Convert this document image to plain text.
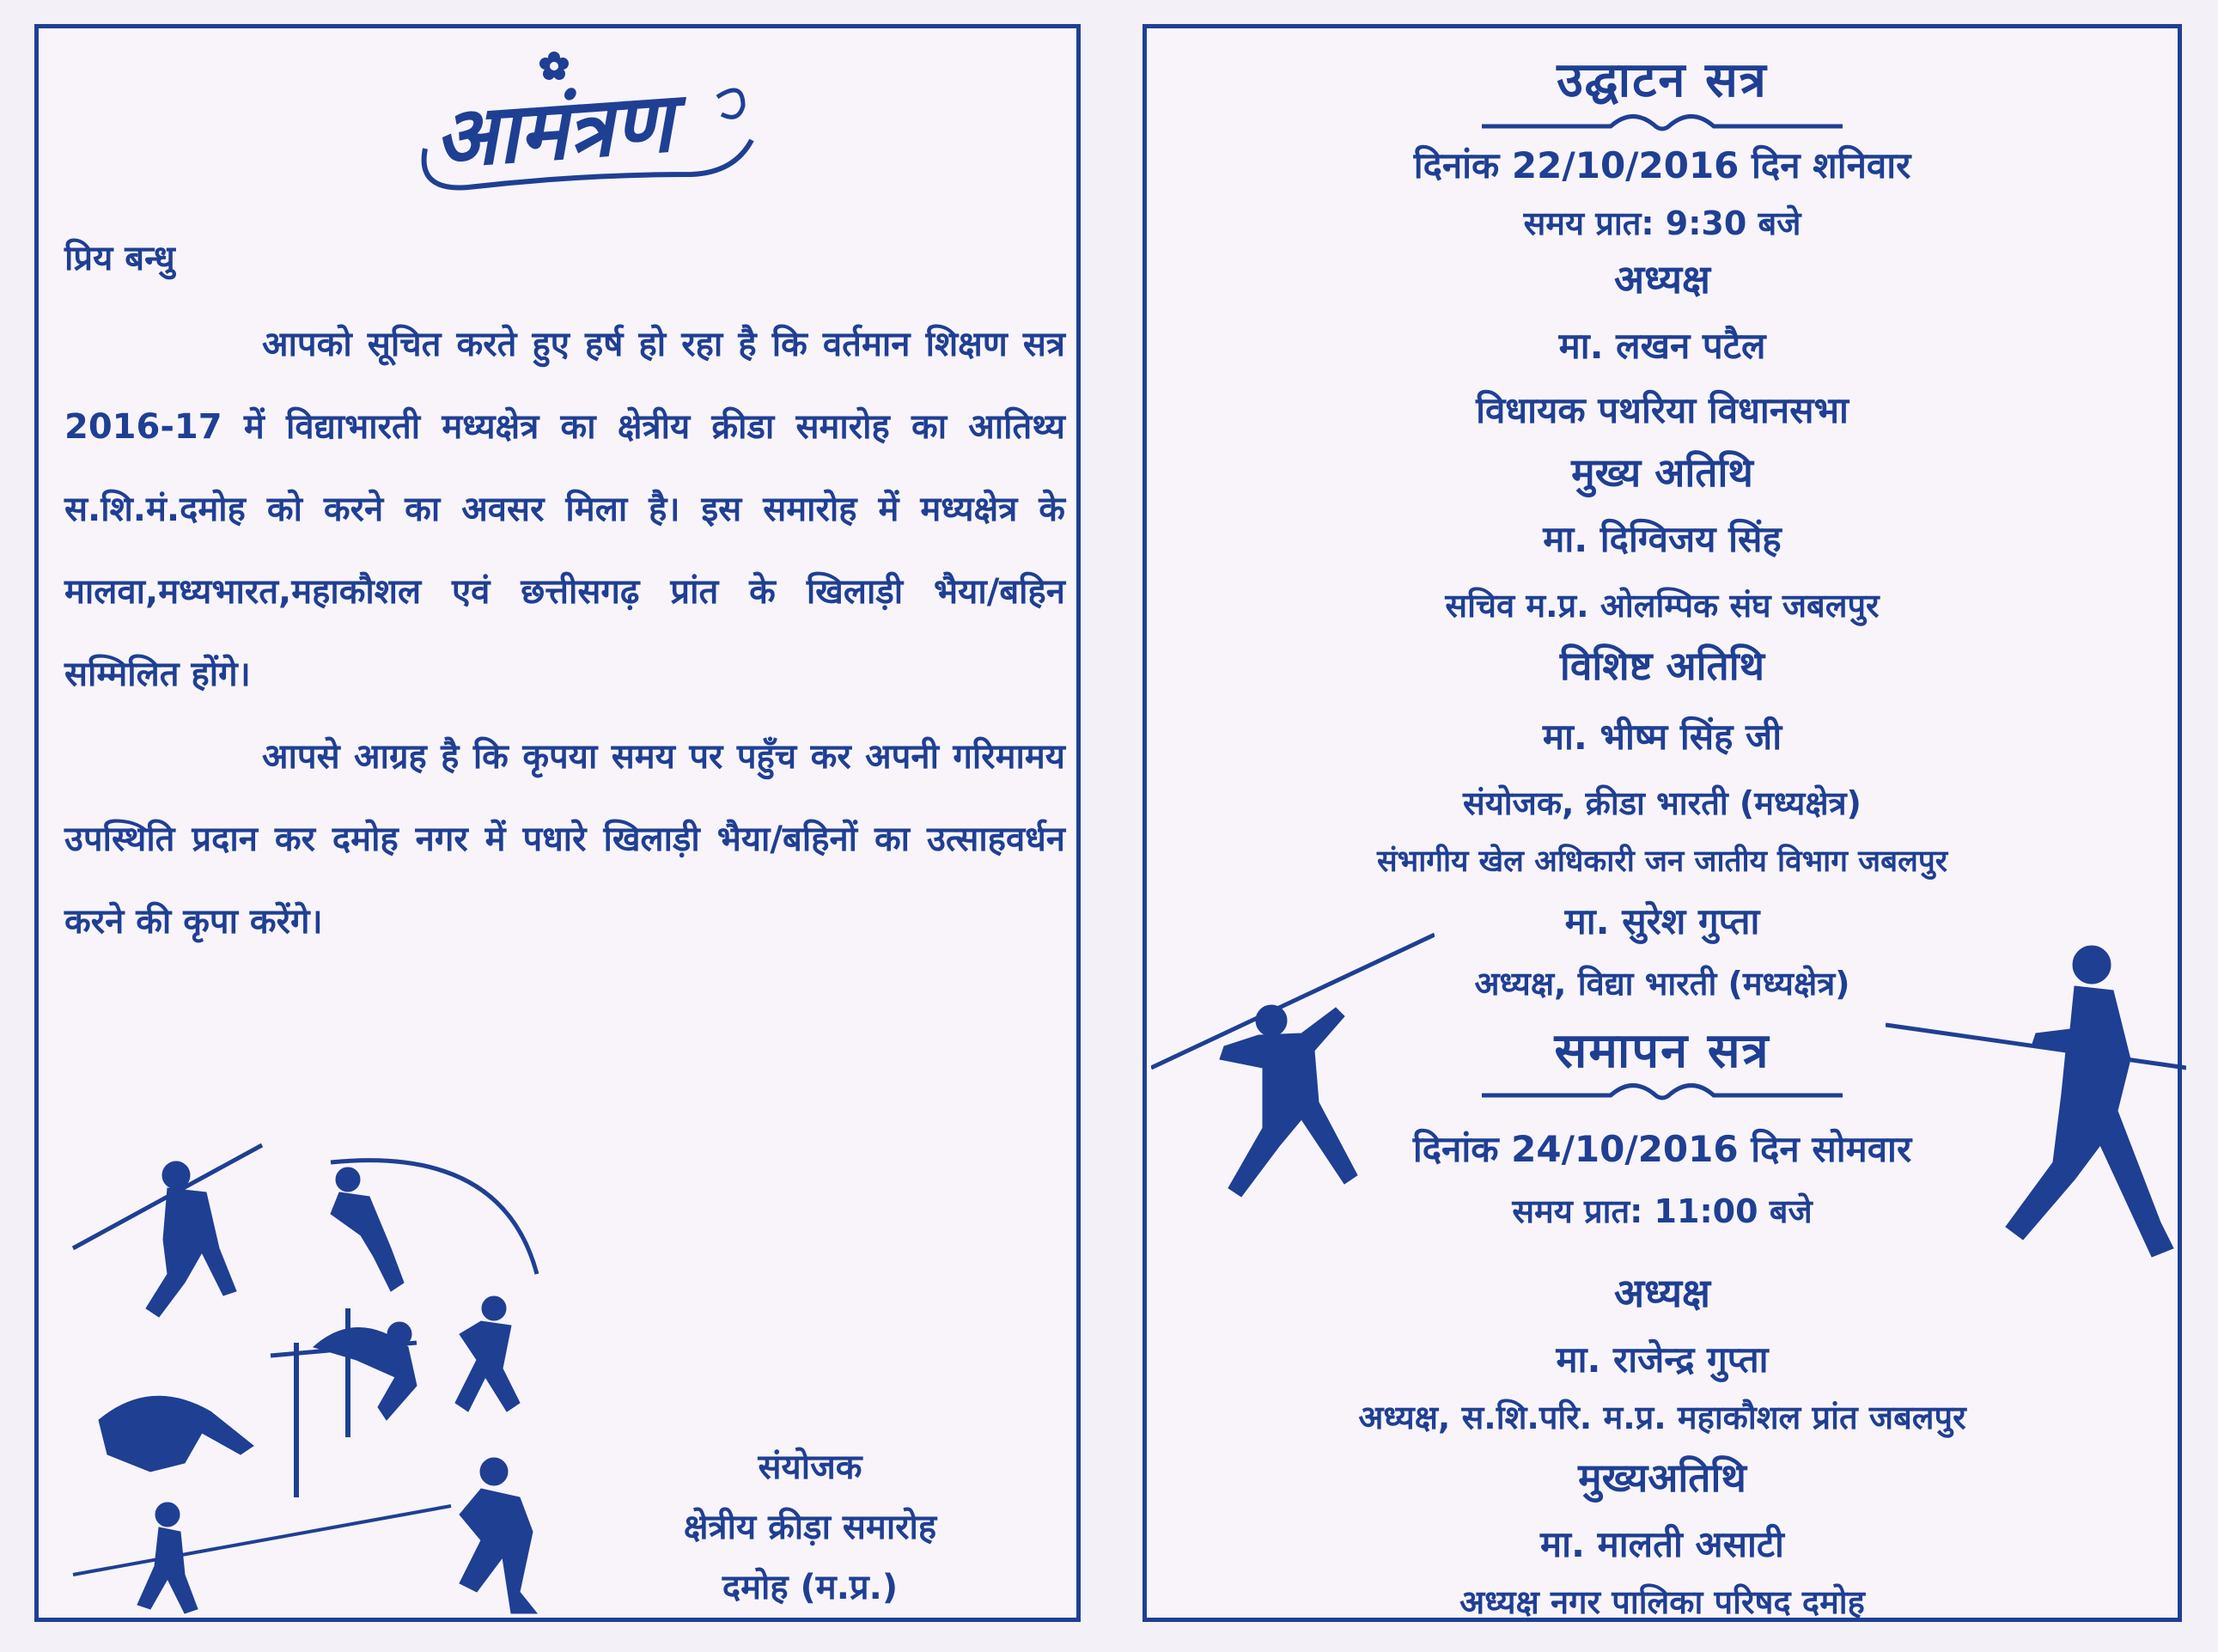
आमंत्रण
प्रिय बन्धु

आपको सूचित करते हुए हर्ष हो रहा है कि वर्तमान शिक्षण सत्र 2016-17 में विद्याभारती मध्यक्षेत्र का क्षेत्रीय क्रीडा समारोह का आतिथ्य स.शि.मं.दमोह को करने का अवसर मिला है। इस समारोह में मध्यक्षेत्र के मालवा,मध्यभारत,महाकौशल एवं छत्तीसगढ़ प्रांत के खिलाड़ी भैया/बहिन सम्मिलित होंगे।

आपसे आग्रह है कि कृपया समय पर पहुँच कर अपनी गरिमामय उपस्थिति प्रदान कर दमोह नगर में पधारे खिलाड़ी भैया/बहिनों का उत्साहवर्धन करने की कृपा करेंगे।

संयोजक
क्षेत्रीय क्रीड़ा समारोह
दमोह (म.प्र.)
उद्घाटन सत्र
दिनांक 22/10/2016 दिन शनिवार
समय प्रात: 9:30 बजे
अध्यक्ष
मा. लखन पटैल
विधायक पथरिया विधानसभा
मुख्य अतिथि
मा. दिग्विजय सिंह
सचिव म.प्र. ओलम्पिक संघ जबलपुर
विशिष्ट अतिथि
मा. भीष्म सिंह जी
संयोजक, क्रीडा भारती (मध्यक्षेत्र)
संभागीय खेल अधिकारी जन जातीय विभाग जबलपुर
मा. सुरेश गुप्ता
अध्यक्ष, विद्या भारती (मध्यक्षेत्र)
समापन सत्र
दिनांक 24/10/2016 दिन सोमवार
समय प्रात: 11:00 बजे
अध्यक्ष
मा. राजेन्द्र गुप्ता
अध्यक्ष, स.शि.परि. म.प्र. महाकौशल प्रांत जबलपुर
मुख्यअतिथि
मा. मालती असाटी
अध्यक्ष नगर पालिका परिषद दमोह
